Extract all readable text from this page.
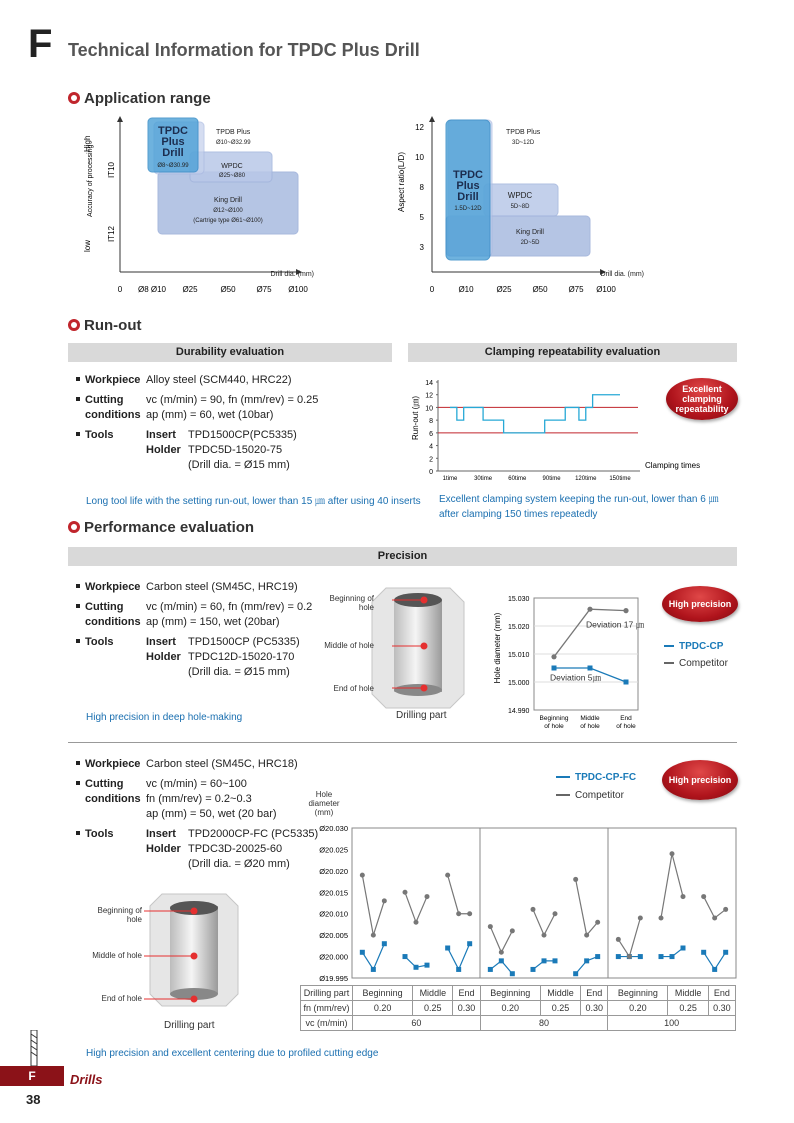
F Technical Information for TPDC Plus Drill
Application range
High
low
Accuracy of processing IT10
IT12
TPDC
Plus
Drill
Ø8~Ø30.99
TPDB Plus
Ø10~Ø32.99
WPDC
Ø25~Ø80
King Drill
Ø12~Ø100
(Cartrige type Ø61~Ø100)
Drill dia. (mm)
0 Ø8 Ø10 Ø25	Ø50	Ø75 Ø100
Aspect ratio(L/D)
12
10
8
5
3
TPDC
Plus
Drill
1.5D~12D
TPDB Plus
3D~12D
WPDC
5D~8D
King Drill
2D~5D
Drill dia. (mm)
0	Ø10	Ø25	Ø50	Ø75 Ø100
Run-out
Durability evaluation	Clamping repeatability evaluation
Workpiece Alloy steel (SCM440, HRC22)
Cutting
conditions
vc (m/min) = 90, fn (mm/rev) = 0.25
ap (mm) = 60, wet (10bar)
Tools	Insert	TPD1500CP(PC5335)
Holder TPDC5D-15020-75
(Drill dia. = Ø15 mm)
Long tool life with the setting run-out, lower than 15 ㎛ after using 40 inserts Excellent clamping system keeping the run-out, lower than 6 ㎛
after clamping 150 times repeatedly
Run-out (㎛)
Clamping times
14
12
10
8
6
4
2
0
1time	30time	60time	90time 120time 150time
Excellent clamping repeatability
Performance evaluation
Precision
Workpiece Carbon steel (SM45C, HRC19)
Cutting
conditions
vc (m/min) = 60, fn (mm/rev) = 0.2
ap (mm) = 150, wet (20bar)
Tools	Insert	TPD1500CP (PC5335)
Holder TPDC12D-15020-170
(Drill dia. = Ø15 mm)
High precision in deep hole-making
Beginning of hole
Middle of hole
End of hole
Drilling part
Hole diameter (mm)
15.030
15.020
15.010
15.000
14.990
Beginning
of hole
Middle
of hole
End
of hole
Deviation 17 ㎛
Deviation 5㎛
High precision
TPDC-CP
Competitor
Workpiece Carbon steel (SM45C, HRC18)
Cutting
conditions
vc (m/min) = 60~100
fn (mm/rev) = 0.2~0.3
ap (mm) = 50, wet (20 bar)
Tools	Insert	TPD2000CP-FC (PC5335)
Holder TPDC3D-20025-60
(Drill dia. = Ø20 mm)
Beginning of hole
Middle of hole
End of hole
Drilling part
Hole diameter (mm)
TPDC-CP-FC
Competitor
High precision
Ø20.030
Ø20.025
Ø20.020
Ø20.015
Ø20.010
Ø20.005
Ø20.000
Ø19.995
Drilling part	Beginning	Middle	End	Beginning	Middle	End	Beginning	Middle	End
fn (mm/rev)	0.20	0.25	0.30	0.20	0.25	0.30	0.20	0.25	0.30
vc (m/min)	60			80			100		
High precision and excellent centering due to profiled cutting edge
F	Drills
38
